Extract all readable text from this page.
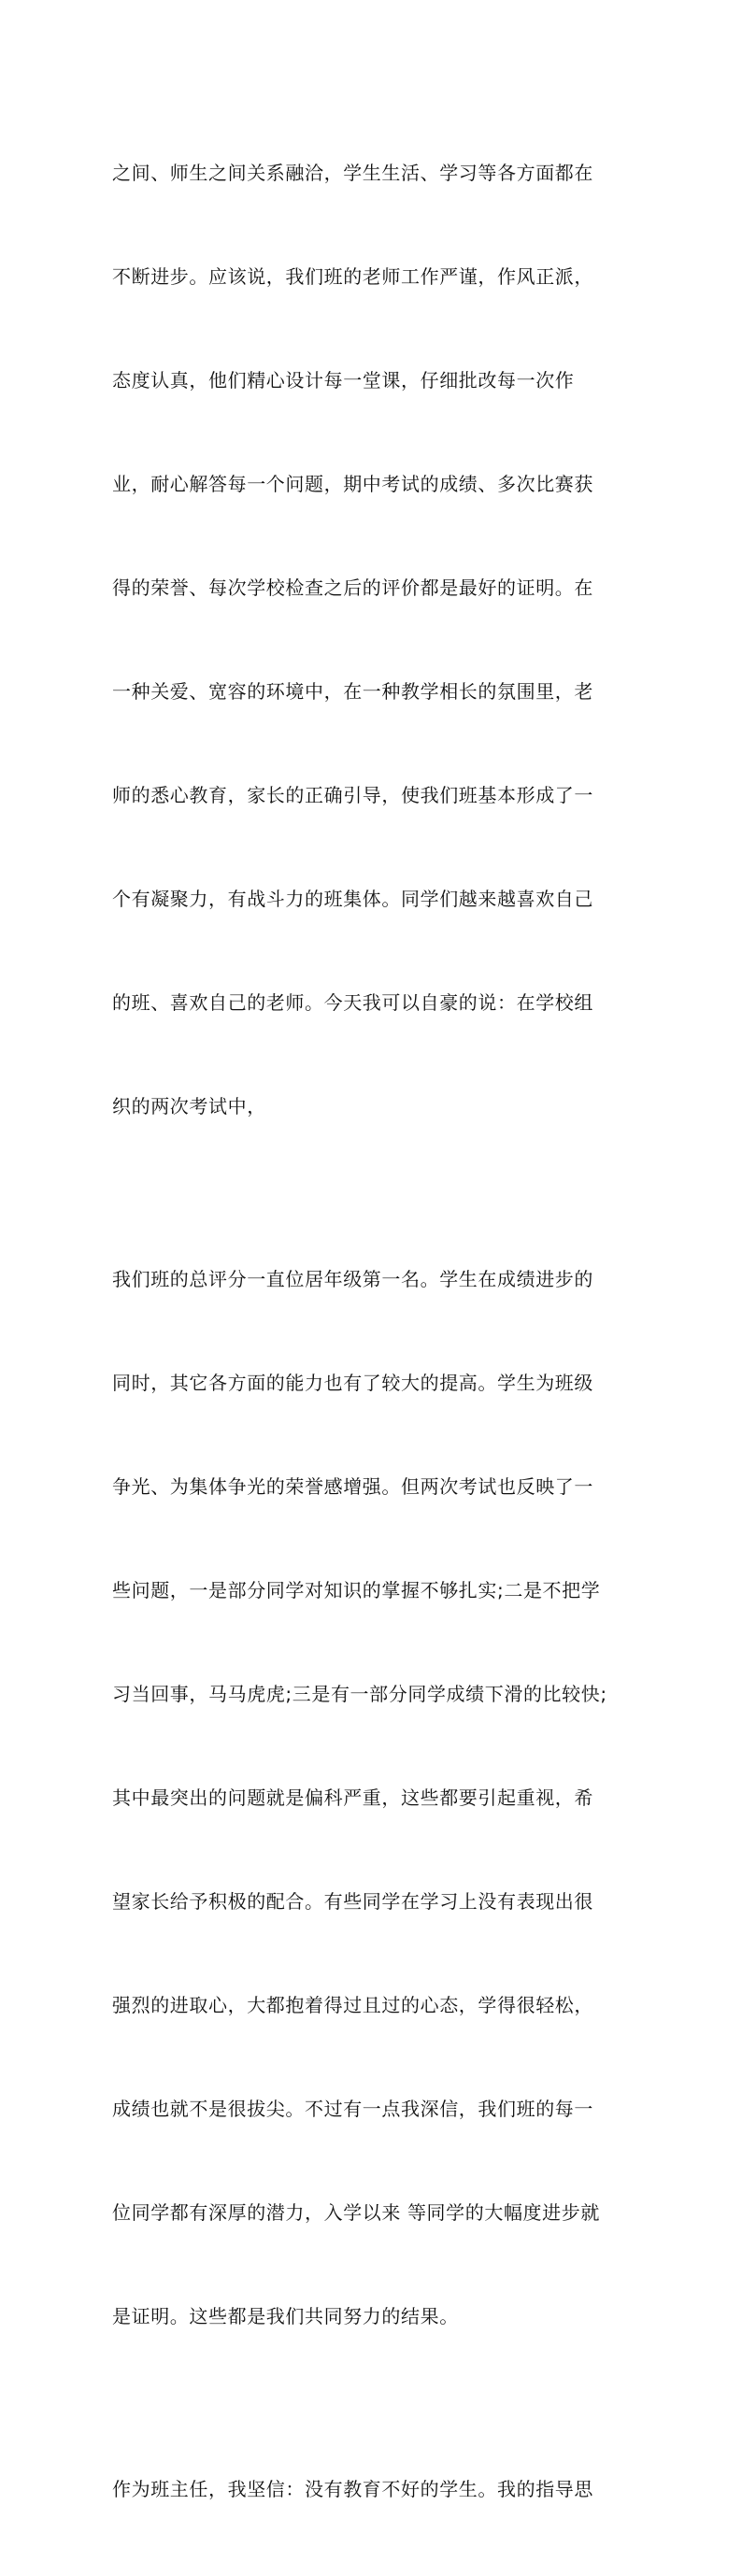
之间、师生之间关系融洽，学生生活、学习等各方面都在

不断进步。应该说，我们班的老师工作严谨，作风正派，

态度认真，他们精心设计每一堂课，仔细批改每一次作

业，耐心解答每一个问题，期中考试的成绩、多次比赛获

得的荣誉、每次学校检查之后的评价都是最好的证明。在

一种关爱、宽容的环境中，在一种教学相长的氛围里，老

师的悉心教育，家长的正确引导，使我们班基本形成了一

个有凝聚力，有战斗力的班集体。同学们越来越喜欢自己

的班、喜欢自己的老师。今天我可以自豪的说：在学校组

织的两次考试中，

我们班的总评分一直位居年级第一名。学生在成绩进步的

同时，其它各方面的能力也有了较大的提高。学生为班级

争光、为集体争光的荣誉感增强。但两次考试也反映了一

些问题，一是部分同学对知识的掌握不够扎实;二是不把学

习当回事，马马虎虎;三是有一部分同学成绩下滑的比较快;

其中最突出的问题就是偏科严重，这些都要引起重视，希

望家长给予积极的配合。有些同学在学习上没有表现出很

强烈的进取心，大都抱着得过且过的心态，学得很轻松，

成绩也就不是很拔尖。不过有一点我深信，我们班的每一

位同学都有深厚的潜力，入学以来 等同学的大幅度进步就

是证明。这些都是我们共同努力的结果。

作为班主任，我坚信：没有教育不好的学生。我的指导思
